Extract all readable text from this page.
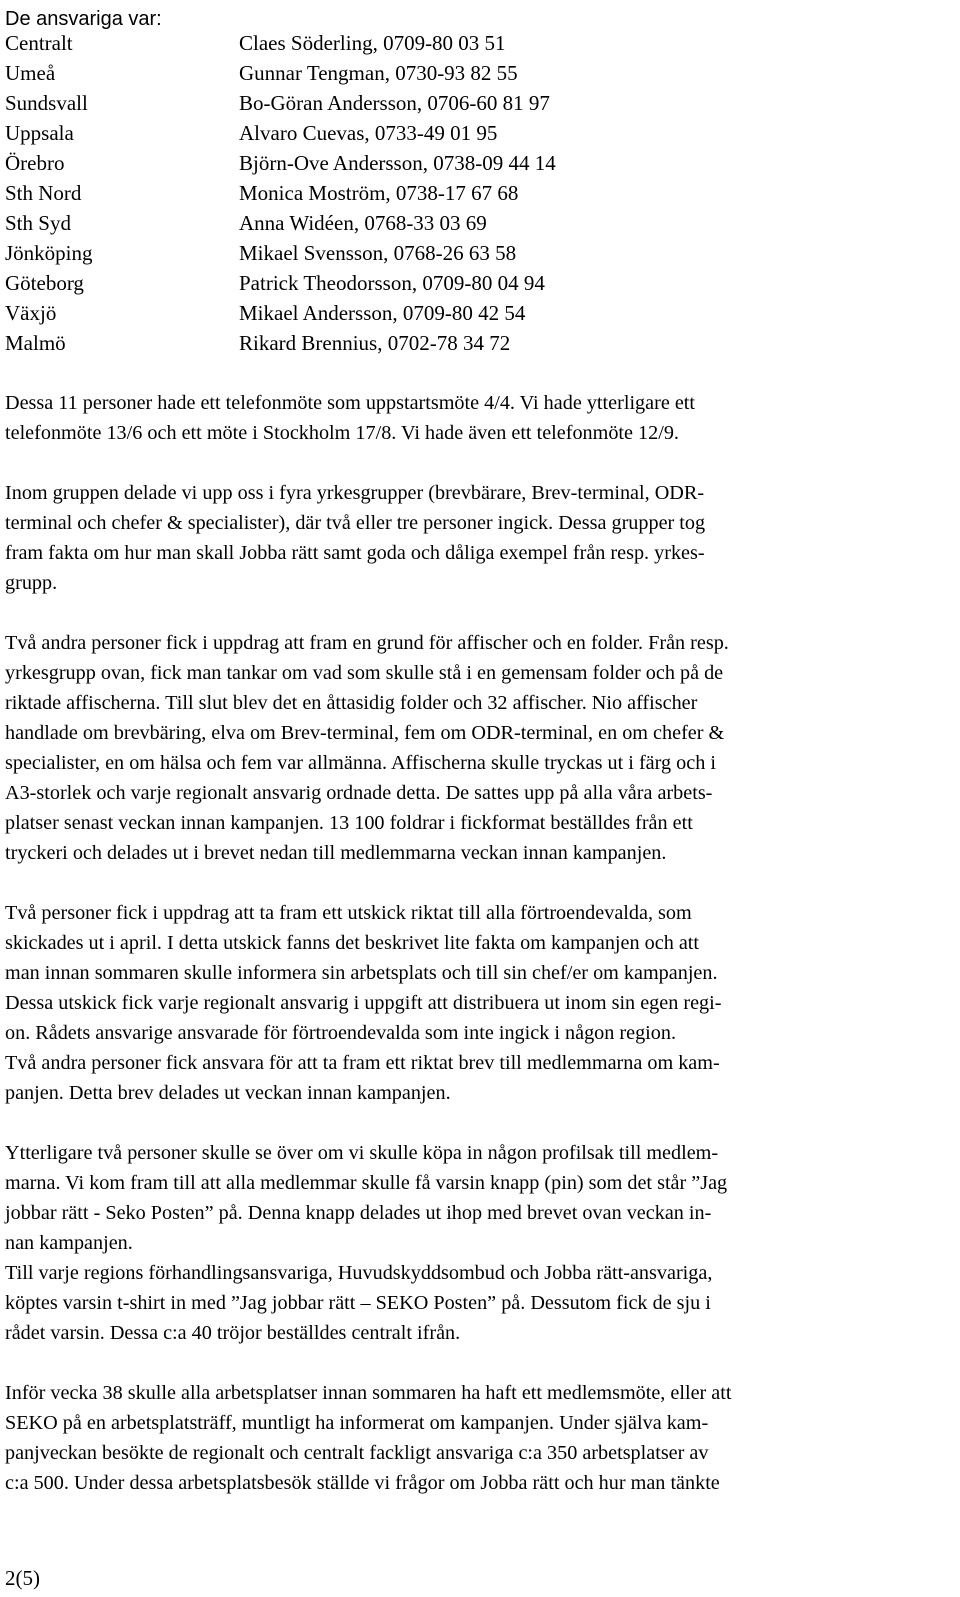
De ansvariga var:
Centralt	Claes Söderling, 0709-80 03 51
Umeå	Gunnar Tengman, 0730-93 82 55
Sundsvall	Bo-Göran Andersson, 0706-60 81 97
Uppsala	Alvaro Cuevas, 0733-49 01 95
Örebro	Björn-Ove Andersson, 0738-09 44 14
Sth Nord	Monica Moström, 0738-17 67 68
Sth Syd	Anna Widéen, 0768-33 03 69
Jönköping	Mikael Svensson, 0768-26 63 58
Göteborg	Patrick Theodorsson, 0709-80 04 94
Växjö	Mikael Andersson, 0709-80 42 54
Malmö	Rikard Brennius, 0702-78 34 72

Dessa 11 personer hade ett telefonmöte som uppstartsmöte 4/4. Vi hade ytterligare ett
telefonmöte 13/6 och ett möte i Stockholm 17/8. Vi hade även ett telefonmöte 12/9.

Inom gruppen delade vi upp oss i fyra yrkesgrupper (brevbärare, Brev-terminal, ODR-
terminal och chefer & specialister), där två eller tre personer ingick. Dessa grupper tog
fram fakta om hur man skall Jobba rätt samt goda och dåliga exempel från resp. yrkes-
grupp.

Två andra personer fick i uppdrag att fram en grund för affischer och en folder. Från resp.
yrkesgrupp ovan, fick man tankar om vad som skulle stå i en gemensam folder och på de
riktade affischerna. Till slut blev det en åttasidig folder och 32 affischer. Nio affischer
handlade om brevbäring, elva om Brev-terminal, fem om ODR-terminal, en om chefer &
specialister, en om hälsa och fem var allmänna. Affischerna skulle tryckas ut i färg och i
A3-storlek och varje regionalt ansvarig ordnade detta. De sattes upp på alla våra arbets-
platser senast veckan innan kampanjen. 13 100 foldrar i fickformat beställdes från ett
tryckeri och delades ut i brevet nedan till medlemmarna veckan innan kampanjen.

Två personer fick i uppdrag att ta fram ett utskick riktat till alla förtroendevalda, som
skickades ut i april. I detta utskick fanns det beskrivet lite fakta om kampanjen och att
man innan sommaren skulle informera sin arbetsplats och till sin chef/er om kampanjen.
Dessa utskick fick varje regionalt ansvarig i uppgift att distribuera ut inom sin egen regi-
on. Rådets ansvarige ansvarade för förtroendevalda som inte ingick i någon region.
Två andra personer fick ansvara för att ta fram ett riktat brev till medlemmarna om kam-
panjen. Detta brev delades ut veckan innan kampanjen.

Ytterligare två personer skulle se över om vi skulle köpa in någon profilsak till medlem-
marna. Vi kom fram till att alla medlemmar skulle få varsin knapp (pin) som det står ”Jag
jobbar rätt - Seko Posten” på. Denna knapp delades ut ihop med brevet ovan veckan in-
nan kampanjen.
Till varje regions förhandlingsansvariga, Huvudskyddsombud och Jobba rätt-ansvariga,
köptes varsin t-shirt in med ”Jag jobbar rätt – SEKO Posten” på. Dessutom fick de sju i
rådet varsin. Dessa c:a 40 tröjor beställdes centralt ifrån.

Inför vecka 38 skulle alla arbetsplatser innan sommaren ha haft ett medlemsmöte, eller att
SEKO på en arbetsplatsträff, muntligt ha informerat om kampanjen. Under själva kam-
panjveckan besökte de regionalt och centralt fackligt ansvariga c:a 350 arbetsplatser av
c:a 500. Under dessa arbetsplatsbesök ställde vi frågor om Jobba rätt och hur man tänkte

2(5)
